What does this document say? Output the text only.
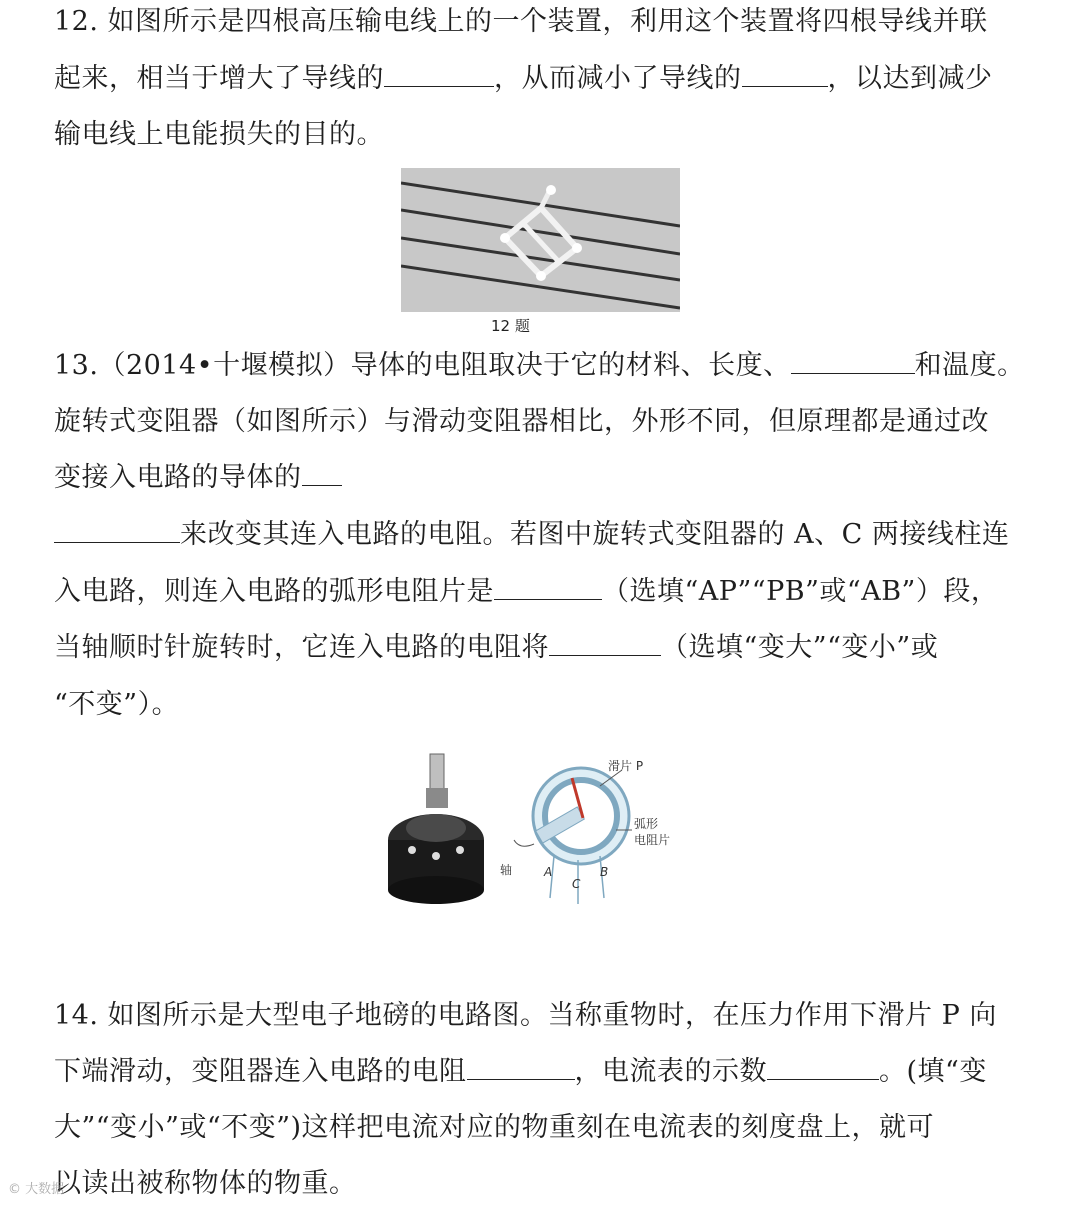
12. 如图所示是四根高压输电线上的一个装置，利用这个装置将四根导线并联

起来，相当于增大了导线的	，从而减小了导线的	，以达到减少

输电线上电能损失的目的。

12 题

13.（2014•十堰模拟）导体的电阻取决于它的材料、长度、	和温度。

旋转式变阻器（如图所示）与滑动变阻器相比，外形不同，但原理都是通过改

变接入电路的导体的

来改变其连入电路的电阻。若图中旋转式变阻器的 A、C 两接线柱连

入电路，则连入电路的弧形电阻片是	（选填“AP”“PB”或“AB”）段，

当轴顺时针旋转时，它连入电路的电阻将	（选填“变大”“变小”或

“不变”）。

滑片 P
弧形
电阻片
轴	A
C
B

14. 如图所示是大型电子地磅的电路图。当称重物时，在压力作用下滑片 P 向

下端滑动，变阻器连入电路的电阻	，电流表的示数	。(填“变

大”“变小”或“不变”)这样把电流对应的物重刻在电流表的刻度盘上，就可

以读出被称物体的物重。

© 大数据
